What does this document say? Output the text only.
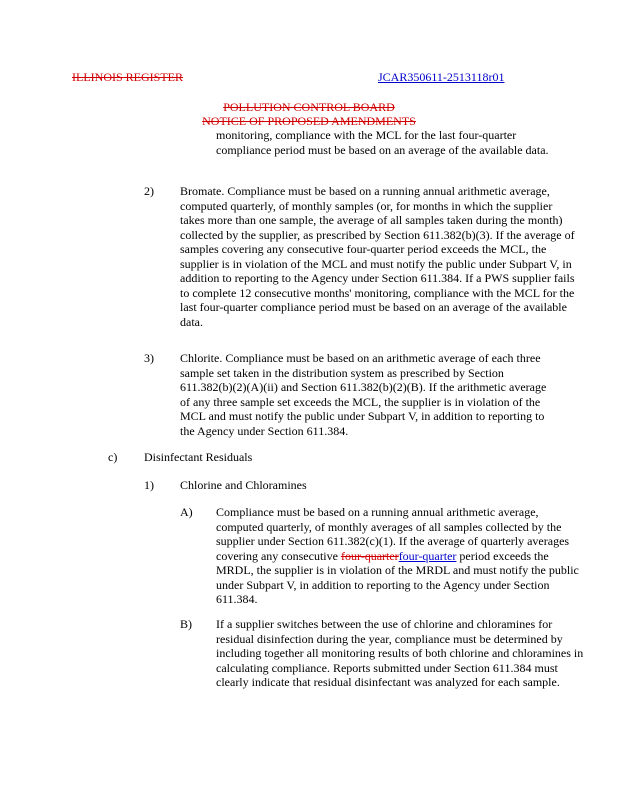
ILLINOIS REGISTER	JCAR350611-2513118r01
POLLUTION CONTROL BOARD
NOTICE OF PROPOSED AMENDMENTS

monitoring, compliance with the MCL for the last four-quarter compliance period must be based on an average of the available data.

2) Bromate. Compliance must be based on a running annual arithmetic average, computed quarterly, of monthly samples (or, for months in which the supplier takes more than one sample, the average of all samples taken during the month) collected by the supplier, as prescribed by Section 611.382(b)(3). If the average of samples covering any consecutive four-quarter period exceeds the MCL, the supplier is in violation of the MCL and must notify the public under Subpart V, in addition to reporting to the Agency under Section 611.384. If a PWS supplier fails to complete 12 consecutive months' monitoring, compliance with the MCL for the last four-quarter compliance period must be based on an average of the available data.

3) Chlorite. Compliance must be based on an arithmetic average of each three sample set taken in the distribution system as prescribed by Section 611.382(b)(2)(A)(ii) and Section 611.382(b)(2)(B). If the arithmetic average of any three sample set exceeds the MCL, the supplier is in violation of the MCL and must notify the public under Subpart V, in addition to reporting to the Agency under Section 611.384.

c) Disinfectant Residuals
1) Chlorine and Chloramines
A) Compliance must be based on a running annual arithmetic average, computed quarterly, of monthly averages of all samples collected by the supplier under Section 611.382(c)(1). If the average of quarterly averages covering any consecutive four-quarterfour-quarter period exceeds the MRDL, the supplier is in violation of the MRDL and must notify the public under Subpart V, in addition to reporting to the Agency under Section 611.384.

B) If a supplier switches between the use of chlorine and chloramines for residual disinfection during the year, compliance must be determined by including together all monitoring results of both chlorine and chloramines in calculating compliance. Reports submitted under Section 611.384 must clearly indicate that residual disinfectant was analyzed for each sample.
